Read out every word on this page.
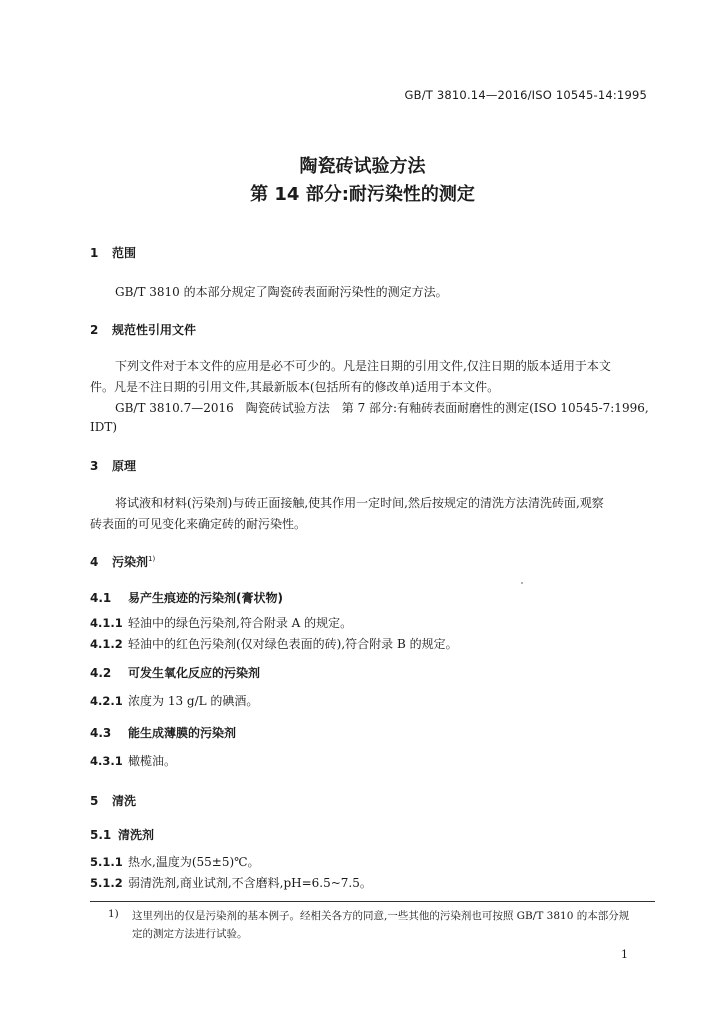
GB/T 3810.14—2016/ISO 10545-14:1995
陶瓷砖试验方法
第 14 部分:耐污染性的测定
1 范围
GB/T 3810 的本部分规定了陶瓷砖表面耐污染性的测定方法。
2 规范性引用文件
下列文件对于本文件的应用是必不可少的。凡是注日期的引用文件,仅注日期的版本适用于本文
件。凡是不注日期的引用文件,其最新版本(包括所有的修改单)适用于本文件。
GB/T 3810.7—2016　陶瓷砖试验方法　第 7 部分:有釉砖表面耐磨性的测定(ISO 10545-7:1996,
IDT)
3 原理
将试液和材料(污染剂)与砖正面接触,使其作用一定时间,然后按规定的清洗方法清洗砖面,观察
砖表面的可见变化来确定砖的耐污染性。
4 污染剂$^{1)}$
4.1 易产生痕迹的污染剂(膏状物)
4.1.1 轻油中的绿色污染剂,符合附录 A 的规定。
4.1.2 轻油中的红色污染剂(仅对绿色表面的砖),符合附录 B 的规定。
4.2 可发生氧化反应的污染剂
4.2.1 浓度为 13 g/L 的碘酒。
4.3 能生成薄膜的污染剂
4.3.1 橄榄油。
5 清洗
5.1 清洗剂
5.1.1 热水,温度为(55±5)℃。
5.1.2 弱清洗剂,商业试剂,不含磨料,pH=6.5~7.5。
1) 这里列出的仅是污染剂的基本例子。经相关各方的同意,一些其他的污染剂也可按照 GB/T 3810 的本部分规
定的测定方法进行试验。
1
